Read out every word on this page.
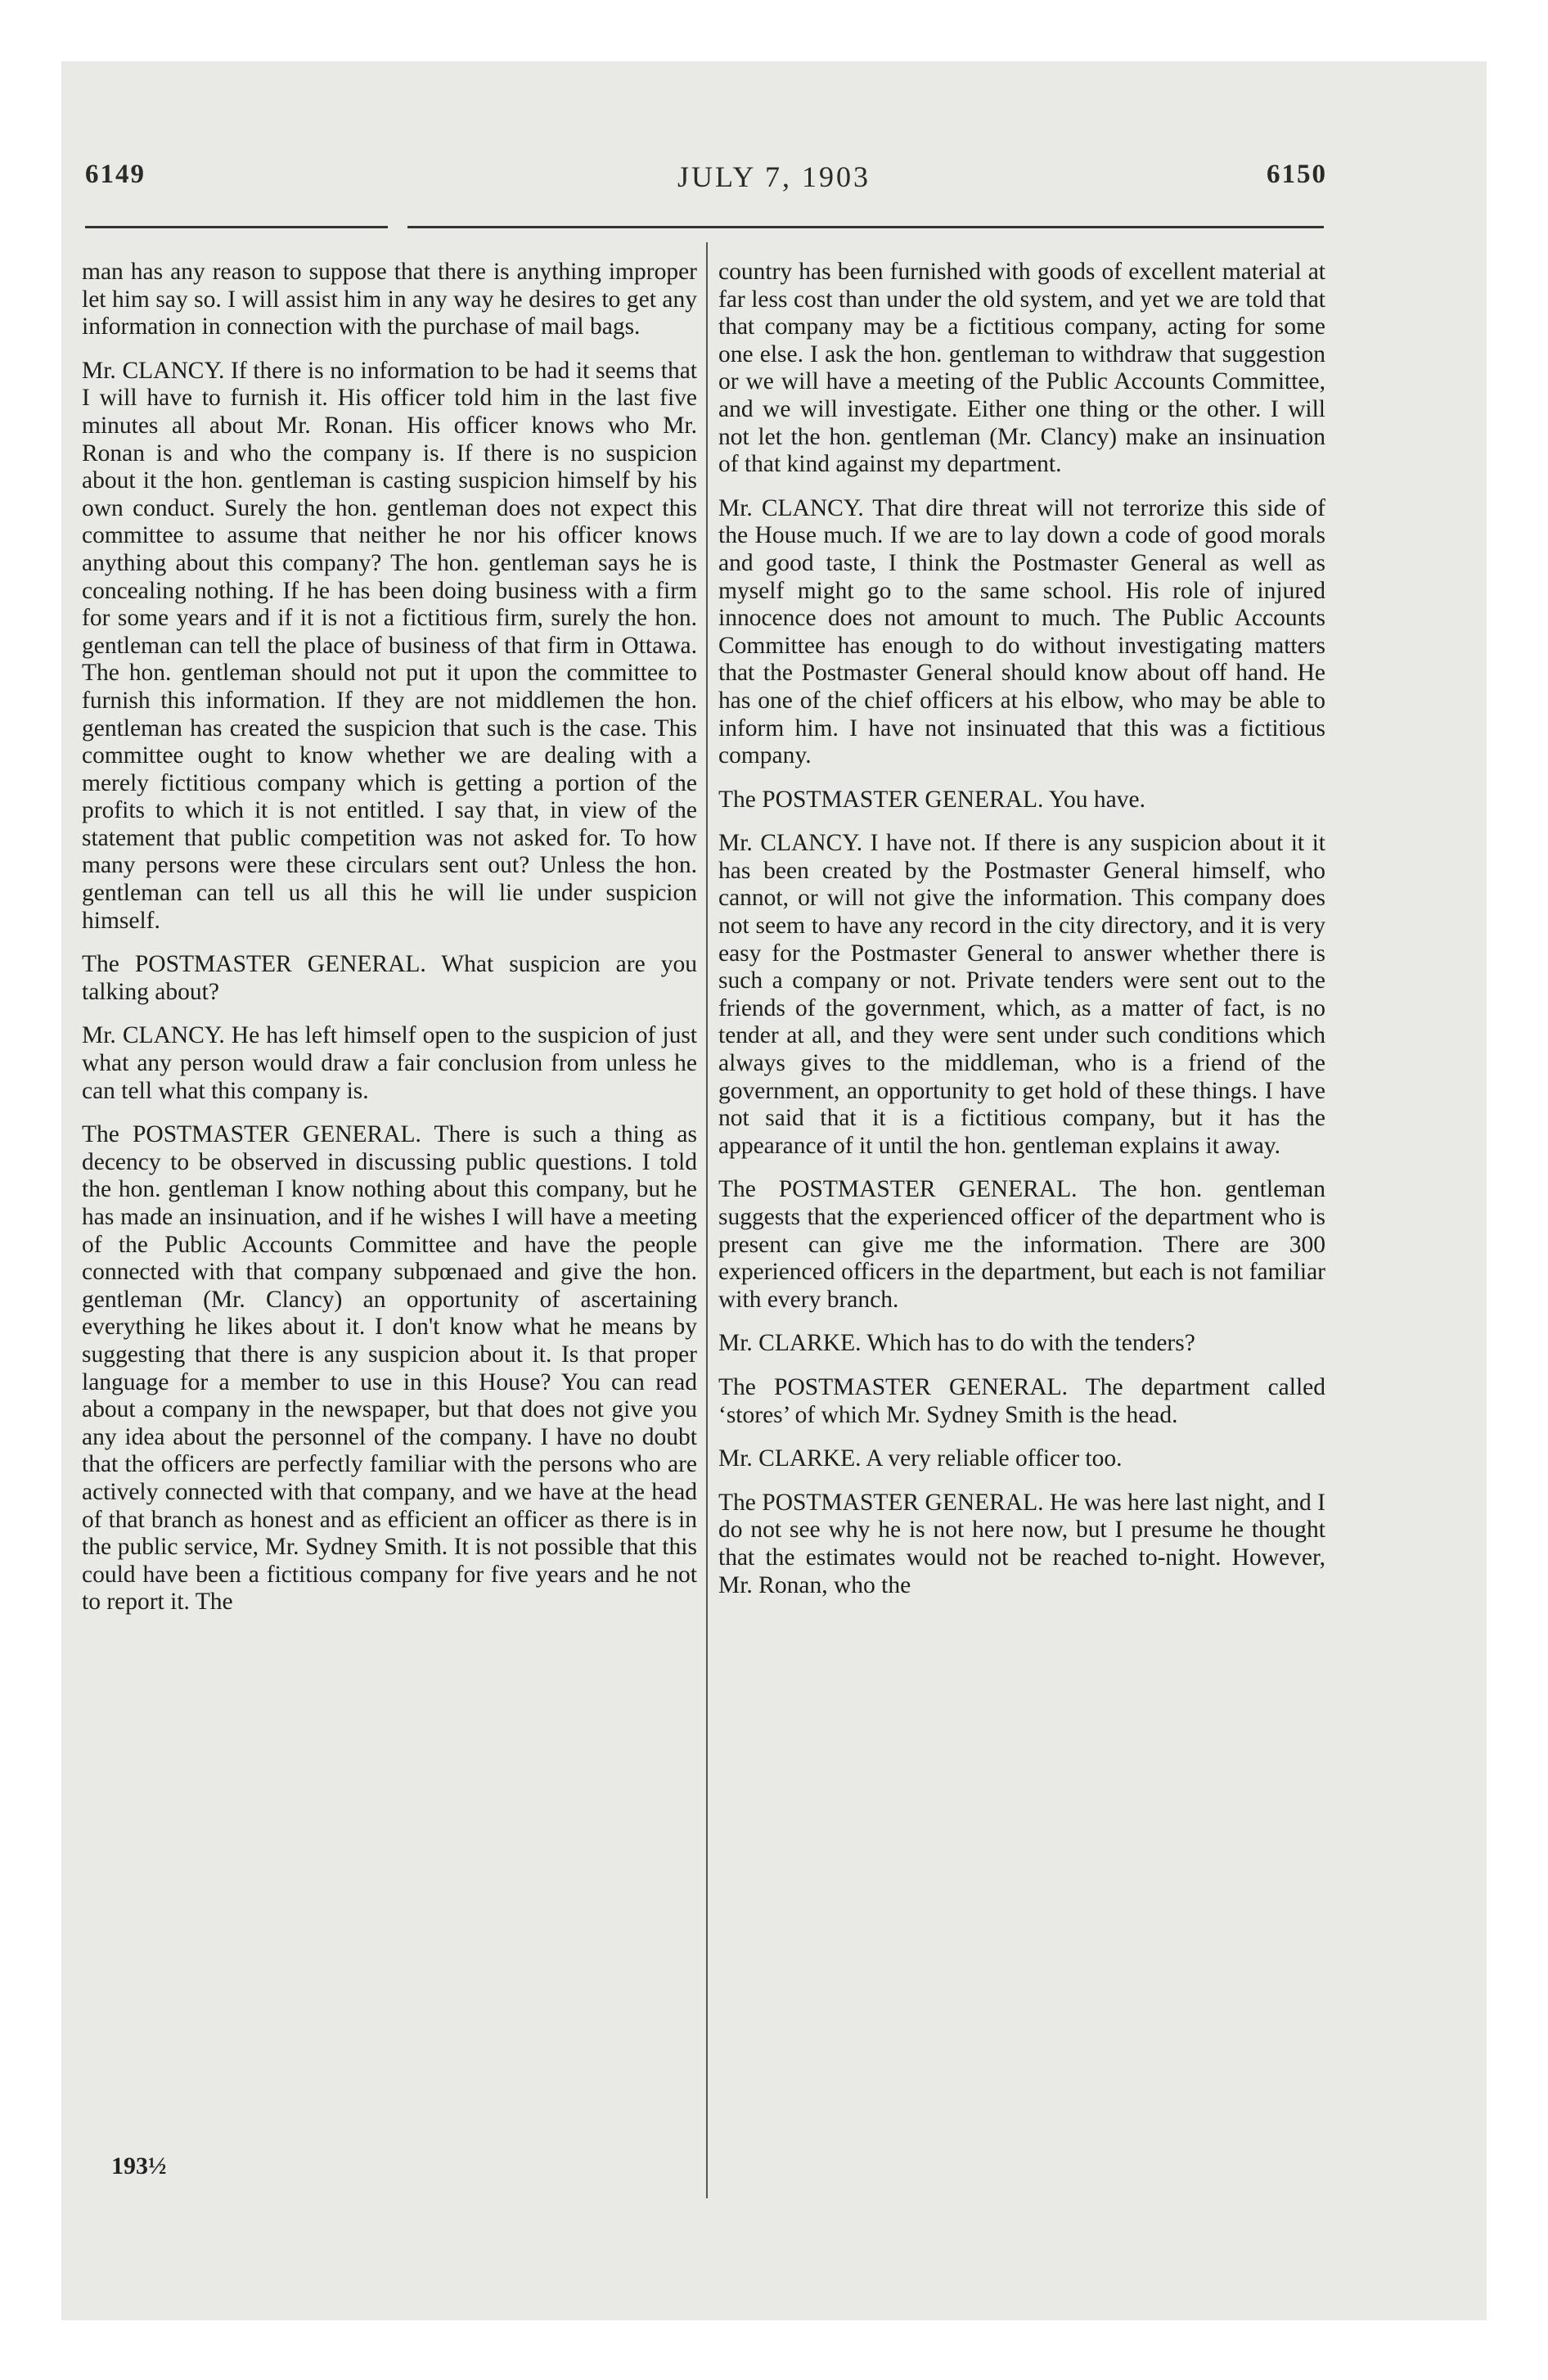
6149	JULY 7, 1903	6150

man has any reason to suppose that there is anything improper let him say so. I will assist him in any way he desires to get any information in connection with the purchase of mail bags.

Mr. CLANCY. If there is no information to be had it seems that I will have to furnish it. His officer told him in the last five minutes all about Mr. Ronan. His officer knows who Mr. Ronan is and who the company is. If there is no suspicion about it the hon. gentleman is casting suspicion himself by his own conduct. Surely the hon. gentleman does not expect this committee to assume that neither he nor his officer knows anything about this company? The hon. gentleman says he is concealing nothing. If he has been doing business with a firm for some years and if it is not a fictitious firm, surely the hon. gentleman can tell the place of business of that firm in Ottawa. The hon. gentleman should not put it upon the committee to furnish this information. If they are not middlemen the hon. gentleman has created the suspicion that such is the case. This committee ought to know whether we are dealing with a merely fictitious company which is getting a portion of the profits to which it is not entitled. I say that, in view of the statement that public competition was not asked for. To how many persons were these circulars sent out? Unless the hon. gentleman can tell us all this he will lie under suspicion himself.

The POSTMASTER GENERAL. What suspicion are you talking about?

Mr. CLANCY. He has left himself open to the suspicion of just what any person would draw a fair conclusion from unless he can tell what this company is.

The POSTMASTER GENERAL. There is such a thing as decency to be observed in discussing public questions. I told the hon. gentleman I know nothing about this company, but he has made an insinuation, and if he wishes I will have a meeting of the Public Accounts Committee and have the people connected with that company subpœnaed and give the hon. gentleman (Mr. Clancy) an opportunity of ascertaining everything he likes about it. I don't know what he means by suggesting that there is any suspicion about it. Is that proper language for a member to use in this House? You can read about a company in the newspaper, but that does not give you any idea about the personnel of the company. I have no doubt that the officers are perfectly familiar with the persons who are actively connected with that company, and we have at the head of that branch as honest and as efficient an officer as there is in the public service, Mr. Sydney Smith. It is not possible that this could have been a fictitious company for five years and he not to report it. The

country has been furnished with goods of excellent material at far less cost than under the old system, and yet we are told that that company may be a fictitious company, acting for some one else. I ask the hon. gentleman to withdraw that suggestion or we will have a meeting of the Public Accounts Committee, and we will investigate. Either one thing or the other. I will not let the hon. gentleman (Mr. Clancy) make an insinuation of that kind against my department.

Mr. CLANCY. That dire threat will not terrorize this side of the House much. If we are to lay down a code of good morals and good taste, I think the Postmaster General as well as myself might go to the same school. His role of injured innocence does not amount to much. The Public Accounts Committee has enough to do without investigating matters that the Postmaster General should know about off hand. He has one of the chief officers at his elbow, who may be able to inform him. I have not insinuated that this was a fictitious company.

The POSTMASTER GENERAL. You have.

Mr. CLANCY. I have not. If there is any suspicion about it it has been created by the Postmaster General himself, who cannot, or will not give the information. This company does not seem to have any record in the city directory, and it is very easy for the Postmaster General to answer whether there is such a company or not. Private tenders were sent out to the friends of the government, which, as a matter of fact, is no tender at all, and they were sent under such conditions which always gives to the middleman, who is a friend of the government, an opportunity to get hold of these things. I have not said that it is a fictitious company, but it has the appearance of it until the hon. gentleman explains it away.

The POSTMASTER GENERAL. The hon. gentleman suggests that the experienced officer of the department who is present can give me the information. There are 300 experienced officers in the department, but each is not familiar with every branch.

Mr. CLARKE. Which has to do with the tenders?

The POSTMASTER GENERAL. The department called ‘stores’ of which Mr. Sydney Smith is the head.

Mr. CLARKE. A very reliable officer too.

The POSTMASTER GENERAL. He was here last night, and I do not see why he is not here now, but I presume he thought that the estimates would not be reached to-night. However, Mr. Ronan, who the

193½
